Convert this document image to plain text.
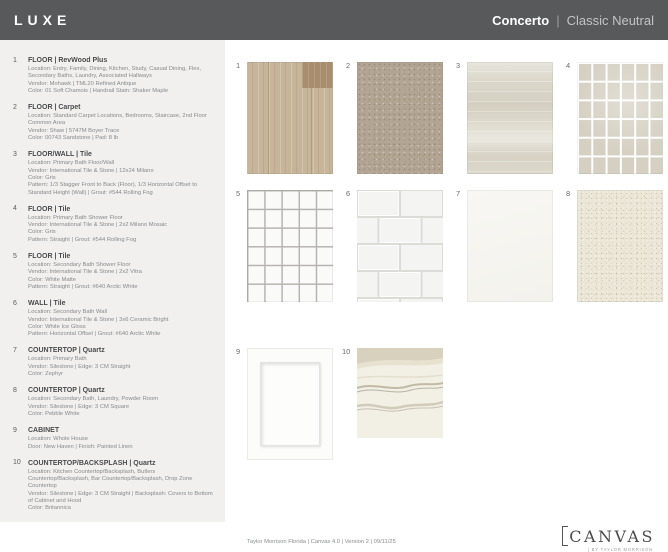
LUXE	Concerto | Classic Neutral
1	FLOOR | RevWood Plus
Location: Entry, Family, Dining, Kitchen, Study, Casual Dining, Flex, Secondary Baths, Laundry, Associated Hallways
Vendor: Mohawk | TML20 Refined Antique
Color: 01 Soft Chamois | Handrail Stain: Shaker Maple
2	FLOOR | Carpet
Location: Standard Carpet Locations, Bedrooms, Staircase, 2nd Floor Common Area
Vendor: Shaw | 5747M Boyer Trace
Color: 00743 Sandstone | Pad: 8 lb
3	FLOOR/WALL | Tile
Location: Primary Bath Floor/Wall
Vendor: International Tile & Stone | 12x24 Milano
Color: Gris
Pattern: 1/3 Stagger Front to Back (Floor), 1/3 Horizontal Offset to Standard Height (Wall) | Grout: #544 Rolling Fog
4	FLOOR | Tile
Location: Primary Bath Shower Floor
Vendor: International Tile & Stone | 2x2 Milano Mosaic
Color: Gris
Pattern: Straight | Grout: #544 Rolling Fog
5	FLOOR | Tile
Location: Secondary Bath Shower Floor
Vendor: International Tile & Stone | 2x2 Vitra
Color: White Matte
Pattern: Straight | Grout: #640 Arctic White
6	WALL | Tile
Location: Secondary Bath Wall
Vendor: International Tile & Stone | 3x6 Ceramic Bright
Color: White Ice Gloss
Pattern: Horizontal Offset | Grout: #640 Arctic White
7	COUNTERTOP | Quartz
Location: Primary Bath
Vendor: Silestone | Edge: 3 CM Straight
Color: Zephyr
8	COUNTERTOP | Quartz
Location: Secondary Bath, Laundry, Powder Room
Vendor: Silestone | Edge: 3 CM Square
Color: Pebble White
9	CABINET
Location: Whole House
Door: New Haven | Finish: Painted Linen
10	COUNTERTOP/BACKSPLASH | Quartz
Location: Kitchen Countertop/Backsplash, Butlers Countertop/Backsplash, Bar Countertop/Backsplash, Drop Zone Countertop
Vendor: Silestone | Edge: 3 CM Straight | Backsplash: Covers to Bottom of Cabinet and Hood
Color: Britannica
1	2	3	4
5	6	7	8
9	10
Taylor Morrison Florida | Canvas 4.0 | Version 2 | 09/11/25	CANVAS
| BY TAYLOR MORRISON
